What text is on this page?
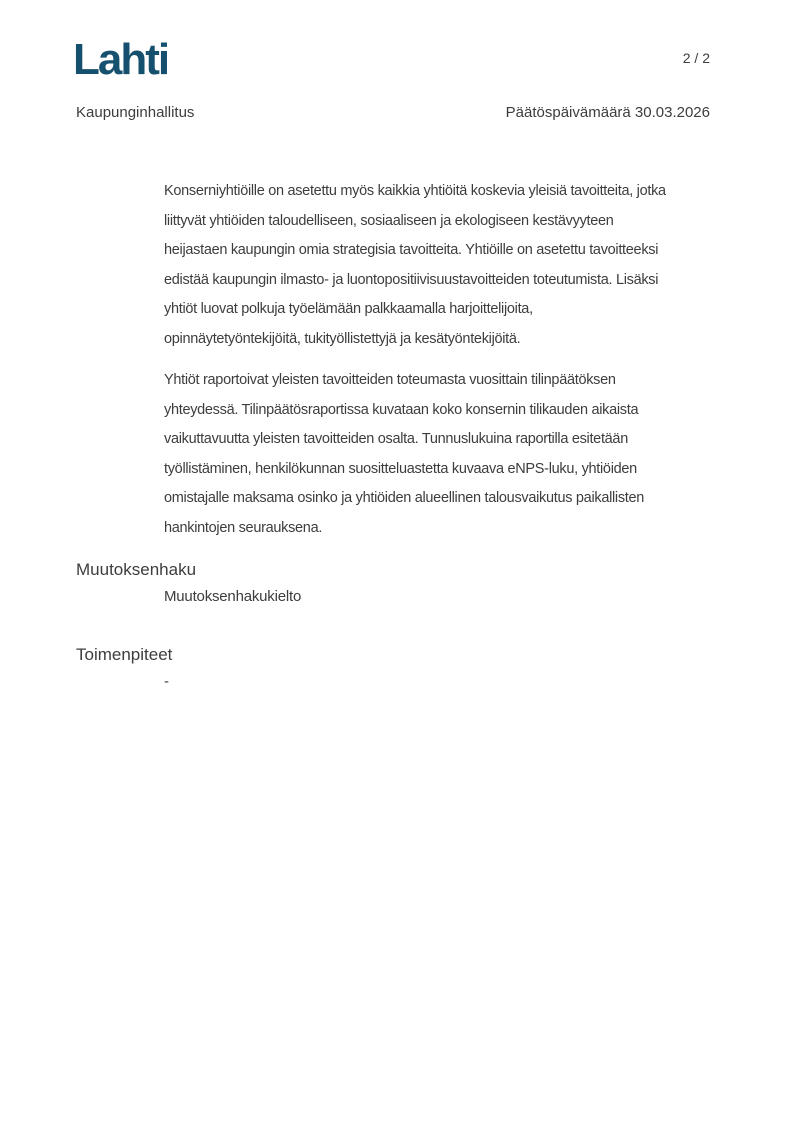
Lahti	2 / 2
Kaupunginhallitus	Päätöspäivämäärä 30.03.2026
Konserniyhtiöille on asetettu myös kaikkia yhtiöitä koskevia yleisiä tavoitteita, jotka
liittyvät yhtiöiden taloudelliseen, sosiaaliseen ja ekologiseen kestävyyteen
heijastaen kaupungin omia strategisia tavoitteita. Yhtiöille on asetettu tavoitteeksi
edistää kaupungin ilmasto- ja luontopositiivisuustavoitteiden toteutumista. Lisäksi
yhtiöt luovat polkuja työelämään palkkaamalla harjoittelijoita,
opinnäytetyöntekijöitä, tukityöllistettyjä ja kesätyöntekijöitä.
Yhtiöt raportoivat yleisten tavoitteiden toteumasta vuosittain tilinpäätöksen
yhteydessä. Tilinpäätösraportissa kuvataan koko konsernin tilikauden aikaista
vaikuttavuutta yleisten tavoitteiden osalta. Tunnuslukuina raportilla esitetään
työllistäminen, henkilökunnan suositteluastetta kuvaava eNPS-luku, yhtiöiden
omistajalle maksama osinko ja yhtiöiden alueellinen talousvaikutus paikallisten
hankintojen seurauksena.
Muutoksenhaku
Muutoksenhakukielto
Toimenpiteet
-
